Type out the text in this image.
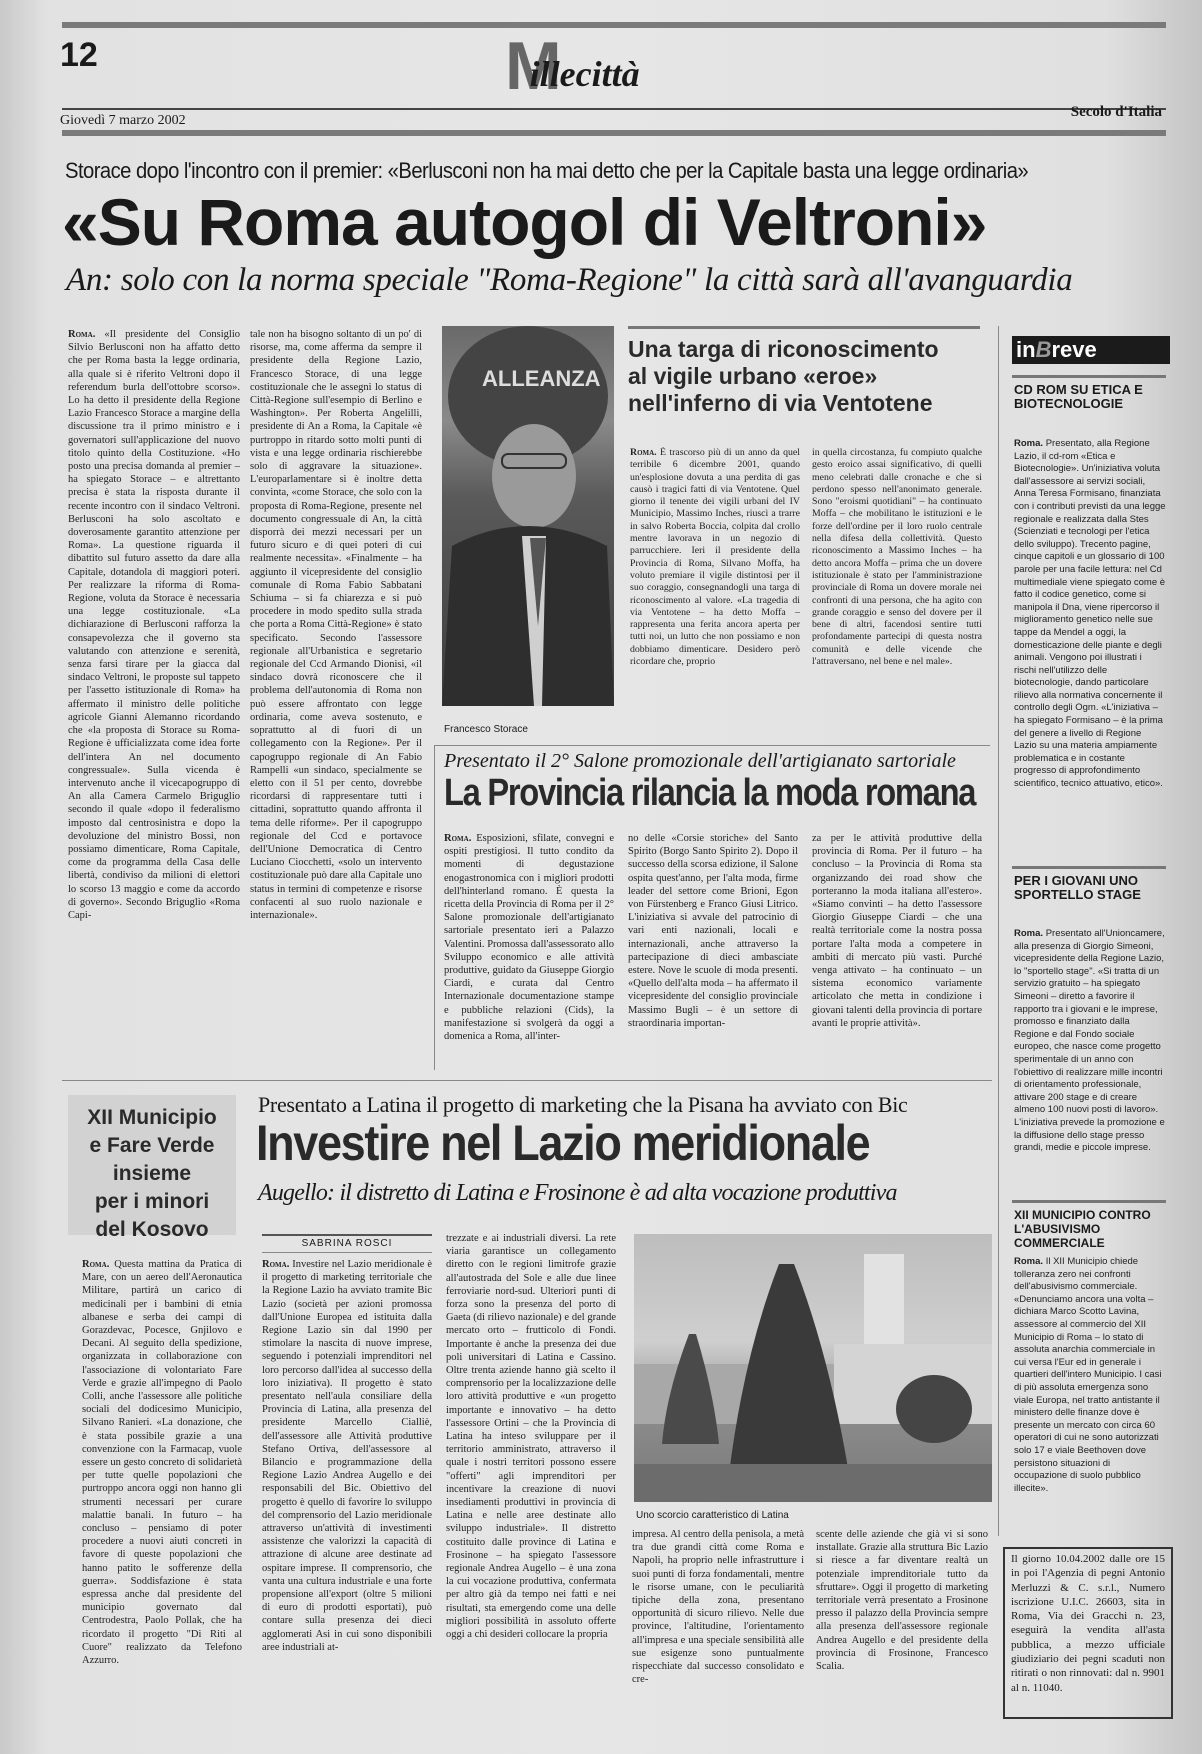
12	M
illecittà
Giovedì 7 marzo 2002
Secolo d'Italia
Storace dopo l'incontro con il premier: «Berlusconi non ha mai detto che per la Capitale basta una legge ordinaria»
«Su Roma autogol di Veltroni»
An: solo con la norma speciale "Roma-Regione" la città sarà all'avanguardia
Roma. «Il presidente del Consiglio Silvio Berlusconi non ha affatto detto che per Roma basta la legge ordinaria, alla quale si è riferito Veltroni dopo il referendum burla dell'ottobre scorso». Lo ha detto il presidente della Regione Lazio Francesco Storace a margine della discussione tra il primo ministro e i governatori sull'applicazione del nuovo titolo quinto della Costituzione. «Ho posto una precisa domanda al premier – ha spiegato Storace – e altrettanto precisa è stata la risposta durante il recente incontro con il sindaco Veltroni. Berlusconi ha solo ascoltato e doverosamente garantito attenzione per Roma». La questione riguarda il dibattito sul futuro assetto da dare alla Capitale, dotandola di maggiori poteri. Per realizzare la riforma di Roma-Regione, voluta da Storace è necessaria una legge costituzionale. «La dichiarazione di Berlusconi rafforza la consapevolezza che il governo sta valutando con attenzione e serenità, senza farsi tirare per la giacca dal sindaco Veltroni, le proposte sul tappeto per l'assetto istituzionale di Roma» ha affermato il ministro delle politiche agricole Gianni Alemanno ricordando che «la proposta di Storace su Roma-Regione è ufficializzata come idea forte dell'intera An nel documento congressuale». Sulla vicenda è intervenuto anche il vicecapogruppo di An alla Camera Carmelo Briguglio secondo il quale «dopo il federalismo imposto dal centrosinistra e dopo la devoluzione del ministro Bossi, non possiamo dimenticare, Roma Capitale, come da programma della Casa delle libertà, condiviso da milioni di elettori lo scorso 13 maggio e come da accordo di governo». Secondo Briguglio «Roma Capi-
tale non ha bisogno soltanto di un po' di risorse, ma, come afferma da sempre il presidente della Regione Lazio, Francesco Storace, di una legge costituzionale che le assegni lo status di Città-Regione sull'esempio di Berlino e Washington». Per Roberta Angelilli, presidente di An a Roma, la Capitale «è purtroppo in ritardo sotto molti punti di vista e una legge ordinaria rischierebbe solo di aggravare la situazione». L'europarlamentare si è inoltre detta convinta, «come Storace, che solo con la proposta di Roma-Regione, presente nel documento congressuale di An, la città disporrà dei mezzi necessari per un futuro sicuro e di quei poteri di cui realmente necessita». «Finalmente – ha aggiunto il vicepresidente del consiglio comunale di Roma Fabio Sabbatani Schiuma – si fa chiarezza e si può procedere in modo spedito sulla strada che porta a Roma Città-Regione» è stato specificato. Secondo l'assessore regionale all'Urbanistica e segretario regionale del Ccd Armando Dionisi, «il sindaco dovrà riconoscere che il problema dell'autonomia di Roma non può essere affrontato con legge ordinaria, come aveva sostenuto, e soprattutto al di fuori di un collegamento con la Regione». Per il capogruppo regionale di An Fabio Rampelli «un sindaco, specialmente se eletto con il 51 per cento, dovrebbe ricordarsi di rappresentare tutti i cittadini, soprattutto quando affronta il tema delle riforme». Per il capogruppo regionale del Ccd e portavoce dell'Unione Democratica di Centro Luciano Ciocchetti, «solo un intervento costituzionale può dare alla Capitale uno status in termini di competenze e risorse confacenti al suo ruolo nazionale e internazionale».
ALLEANZA
Francesco Storace
Una targa di riconoscimento
al vigile urbano «eroe»
nell'inferno di via Ventotene
Roma. È trascorso più di un anno da quel terribile 6 dicembre 2001, quando un'esplosione dovuta a una perdita di gas causò i tragici fatti di via Ventotene. Quel giorno il tenente dei vigili urbani del IV Municipio, Massimo Inches, riuscì a trarre in salvo Roberta Boccia, colpita dal crollo mentre lavorava in un negozio di parrucchiere. Ieri il presidente della Provincia di Roma, Silvano Moffa, ha voluto premiare il vigile distintosi per il suo coraggio, consegnandogli una targa di riconoscimento al valore. «La tragedia di via Ventotene – ha detto Moffa – rappresenta una ferita ancora aperta per tutti noi, un lutto che non possiamo e non dobbiamo dimenticare. Desidero però ricordare che, proprio
in quella circostanza, fu compiuto qualche gesto eroico assai significativo, di quelli meno celebrati dalle cronache e che si perdono spesso nell'anonimato generale. Sono "eroismi quotidiani" – ha continuato Moffa – che mobilitano le istituzioni e le forze dell'ordine per il loro ruolo centrale nella difesa della collettività. Questo riconoscimento a Massimo Inches – ha detto ancora Moffa – prima che un dovere istituzionale è stato per l'amministrazione provinciale di Roma un dovere morale nei confronti di una persona, che ha agito con grande coraggio e senso del dovere per il bene di altri, facendosi sentire tutti profondamente partecipi di questa nostra comunità e delle vicende che l'attraversano, nel bene e nel male».
Presentato il 2° Salone promozionale dell'artigianato sartoriale
La Provincia rilancia la moda romana
Roma. Esposizioni, sfilate, convegni e ospiti prestigiosi. Il tutto condito da momenti di degustazione enogastronomica con i migliori prodotti dell'hinterland romano. È questa la ricetta della Provincia di Roma per il 2° Salone promozionale dell'artigianato sartoriale presentato ieri a Palazzo Valentini. Promossa dall'assessorato allo Sviluppo economico e alle attività produttive, guidato da Giuseppe Giorgio Ciardi, e curata dal Centro Internazionale documentazione stampe e pubbliche relazioni (Cids), la manifestazione si svolgerà da oggi a domenica a Roma, all'inter-
no delle «Corsie storiche» del Santo Spirito (Borgo Santo Spirito 2). Dopo il successo della scorsa edizione, il Salone ospita quest'anno, per l'alta moda, firme leader del settore come Brioni, Egon von Fürstenberg e Franco Giusi Litrico. L'iniziativa si avvale del patrocinio di vari enti nazionali, locali e internazionali, anche attraverso la partecipazione di dieci ambasciate estere. Nove le scuole di moda presenti. «Quello dell'alta moda – ha affermato il vicepresidente del consiglio provinciale Massimo Bugli – è un settore di straordinaria importan-
za per le attività produttive della provincia di Roma. Per il futuro – ha concluso – la Provincia di Roma sta organizzando dei road show che porteranno la moda italiana all'estero». «Siamo convinti – ha detto l'assessore Giorgio Giuseppe Ciardi – che una realtà territoriale come la nostra possa portare l'alta moda a competere in ambiti di mercato più vasti. Purché venga attivato – ha continuato – un sistema economico variamente articolato che metta in condizione i giovani talenti della provincia di portare avanti le proprie attività».
inBreve
CD ROM SU ETICA E BIOTECNOLOGIE
Roma. Presentato, alla Regione Lazio, il cd-rom «Etica e Biotecnologie». Un'iniziativa voluta dall'assessore ai servizi sociali, Anna Teresa Formisano, finanziata con i contributi previsti da una legge regionale e realizzata dalla Stes (Scienziati e tecnologi per l'etica dello sviluppo). Trecento pagine, cinque capitoli e un glossario di 100 parole per una facile lettura: nel Cd multimediale viene spiegato come è fatto il codice genetico, come si manipola il Dna, viene ripercorso il miglioramento genetico nelle sue tappe da Mendel a oggi, la domesticazione delle piante e degli animali. Vengono poi illustrati i rischi nell'utilizzo delle biotecnologie, dando particolare rilievo alla normativa concernente il controllo degli Ogm. «L'iniziativa – ha spiegato Formisano – è la prima del genere a livello di Regione Lazio su una materia ampiamente problematica e in costante progresso di approfondimento scientifico, tecnico attuativo, etico».
PER I GIOVANI UNO SPORTELLO STAGE
Roma. Presentato all'Unioncamere, alla presenza di Giorgio Simeoni, vicepresidente della Regione Lazio, lo "sportello stage". «Si tratta di un servizio gratuito – ha spiegato Simeoni – diretto a favorire il rapporto tra i giovani e le imprese, promosso e finanziato dalla Regione e dal Fondo sociale europeo, che nasce come progetto sperimentale di un anno con l'obiettivo di realizzare mille incontri di orientamento professionale, attivare 200 stage e di creare almeno 100 nuovi posti di lavoro». L'iniziativa prevede la promozione e la diffusione dello stage presso grandi, medie e piccole imprese.
XII MUNICIPIO CONTRO L'ABUSIVISMO COMMERCIALE
Roma. Il XII Municipio chiede tolleranza zero nei confronti dell'abusivismo commerciale. «Denunciamo ancora una volta – dichiara Marco Scotto Lavina, assessore al commercio del XII Municipio di Roma – lo stato di assoluta anarchia commerciale in cui versa l'Eur ed in generale i quartieri dell'intero Municipio. I casi di più assoluta emergenza sono viale Europa, nel tratto antistante il ministero delle finanze dove è presente un mercato con circa 60 operatori di cui ne sono autorizzati solo 17 e viale Beethoven dove persistono situazioni di occupazione di suolo pubblico illecite».
Il giorno 10.04.2002 dalle ore 15 in poi l'Agenzia di pegni Antonio Merluzzi & C. s.r.l., Numero iscrizione U.I.C. 26603, sita in Roma, Via dei Gracchi n. 23, eseguirà la vendita all'asta pubblica, a mezzo ufficiale giudiziario dei pegni scaduti non ritirati o non rinnovati: dal n. 9901 al n. 11040.
XII Municipio
e Fare Verde
insieme
per i minori
del Kosovo
Roma. Questa mattina da Pratica di Mare, con un aereo dell'Aeronautica Militare, partirà un carico di medicinali per i bambini di etnia albanese e serba dei campi di Gorazdevac, Pocesce, Gnjilovo e Decani. Al seguito della spedizione, organizzata in collaborazione con l'associazione di volontariato Fare Verde e grazie all'impegno di Paolo Colli, anche l'assessore alle politiche sociali del dodicesimo Municipio, Silvano Ranieri. «La donazione, che è stata possibile grazie a una convenzione con la Farmacap, vuole essere un gesto concreto di solidarietà per tutte quelle popolazioni che purtroppo ancora oggi non hanno gli strumenti necessari per curare malattie banali. In futuro – ha concluso – pensiamo di poter procedere a nuovi aiuti concreti in favore di queste popolazioni che hanno patito le sofferenze della guerra». Soddisfazione è stata espressa anche dal presidente del municipio governato dal Centrodestra, Paolo Pollak, che ha ricordato il progetto "Di Riti al Cuore" realizzato da Telefono Azzurro.
Presentato a Latina il progetto di marketing che la Pisana ha avviato con Bic
Investire nel Lazio meridionale
Augello: il distretto di Latina e Frosinone è ad alta vocazione produttiva
SABRINA ROSCI
Roma. Investire nel Lazio meridionale è il progetto di marketing territoriale che la Regione Lazio ha avviato tramite Bic Lazio (società per azioni promossa dall'Unione Europea ed istituita dalla Regione Lazio sin dal 1990 per stimolare la nascita di nuove imprese, seguendo i potenziali imprenditori nel loro percorso dall'idea al successo della loro iniziativa). Il progetto è stato presentato nell'aula consiliare della Provincia di Latina, alla presenza del presidente Marcello Cialliè, dell'assessore alle Attività produttive Stefano Ortiva, dell'assessore al Bilancio e programmazione della Regione Lazio Andrea Augello e dei responsabili del Bic. Obiettivo del progetto è quello di favorire lo sviluppo del comprensorio del Lazio meridionale attraverso un'attività di investimenti assistenze che valorizzi la capacità di attrazione di alcune aree destinate ad ospitare imprese. Il comprensorio, che vanta una cultura industriale e una forte propensione all'export (oltre 5 milioni di euro di prodotti esportati), può contare sulla presenza dei dieci agglomerati Asi in cui sono disponibili aree industriali at-
trezzate e ai industriali diversi. La rete viaria garantisce un collegamento diretto con le regioni limitrofe grazie all'autostrada del Sole e alle due linee ferroviarie nord-sud. Ulteriori punti di forza sono la presenza del porto di Gaeta (di rilievo nazionale) e del grande mercato orto – frutticolo di Fondi. Importante è anche la presenza dei due poli universitari di Latina e Cassino. Oltre trenta aziende hanno già scelto il comprensorio per la localizzazione delle loro attività produttive e «un progetto importante e innovativo – ha detto l'assessore Ortini – che la Provincia di Latina ha inteso sviluppare per il territorio amministrato, attraverso il quale i nostri territori possono essere "offerti" agli imprenditori per incentivare la creazione di nuovi insediamenti produttivi in provincia di Latina e nelle aree destinate allo sviluppo industriale». Il distretto costituito dalle province di Latina e Frosinone – ha spiegato l'assessore regionale Andrea Augello – è una zona la cui vocazione produttiva, confermata per altro già da tempo nei fatti e nei risultati, sta emergendo come una delle migliori possibilità in assoluto offerte oggi a chi desideri collocare la propria
Uno scorcio caratteristico di Latina
impresa. Al centro della penisola, a metà tra due grandi città come Roma e Napoli, ha proprio nelle infrastrutture i suoi punti di forza fondamentali, mentre le risorse umane, con le peculiarità tipiche della zona, presentano opportunità di sicuro rilievo. Nelle due province, l'altitudine, l'orientamento all'impresa e una speciale sensibilità alle sue esigenze sono puntualmente rispecchiate dal successo consolidato e cre-
scente delle aziende che già vi si sono installate. Grazie alla struttura Bic Lazio si riesce a far diventare realtà un potenziale imprenditoriale tutto da sfruttare». Oggi il progetto di marketing territoriale verrà presentato a Frosinone presso il palazzo della Provincia sempre alla presenza dell'assessore regionale Andrea Augello e del presidente della provincia di Frosinone, Francesco Scalia.
